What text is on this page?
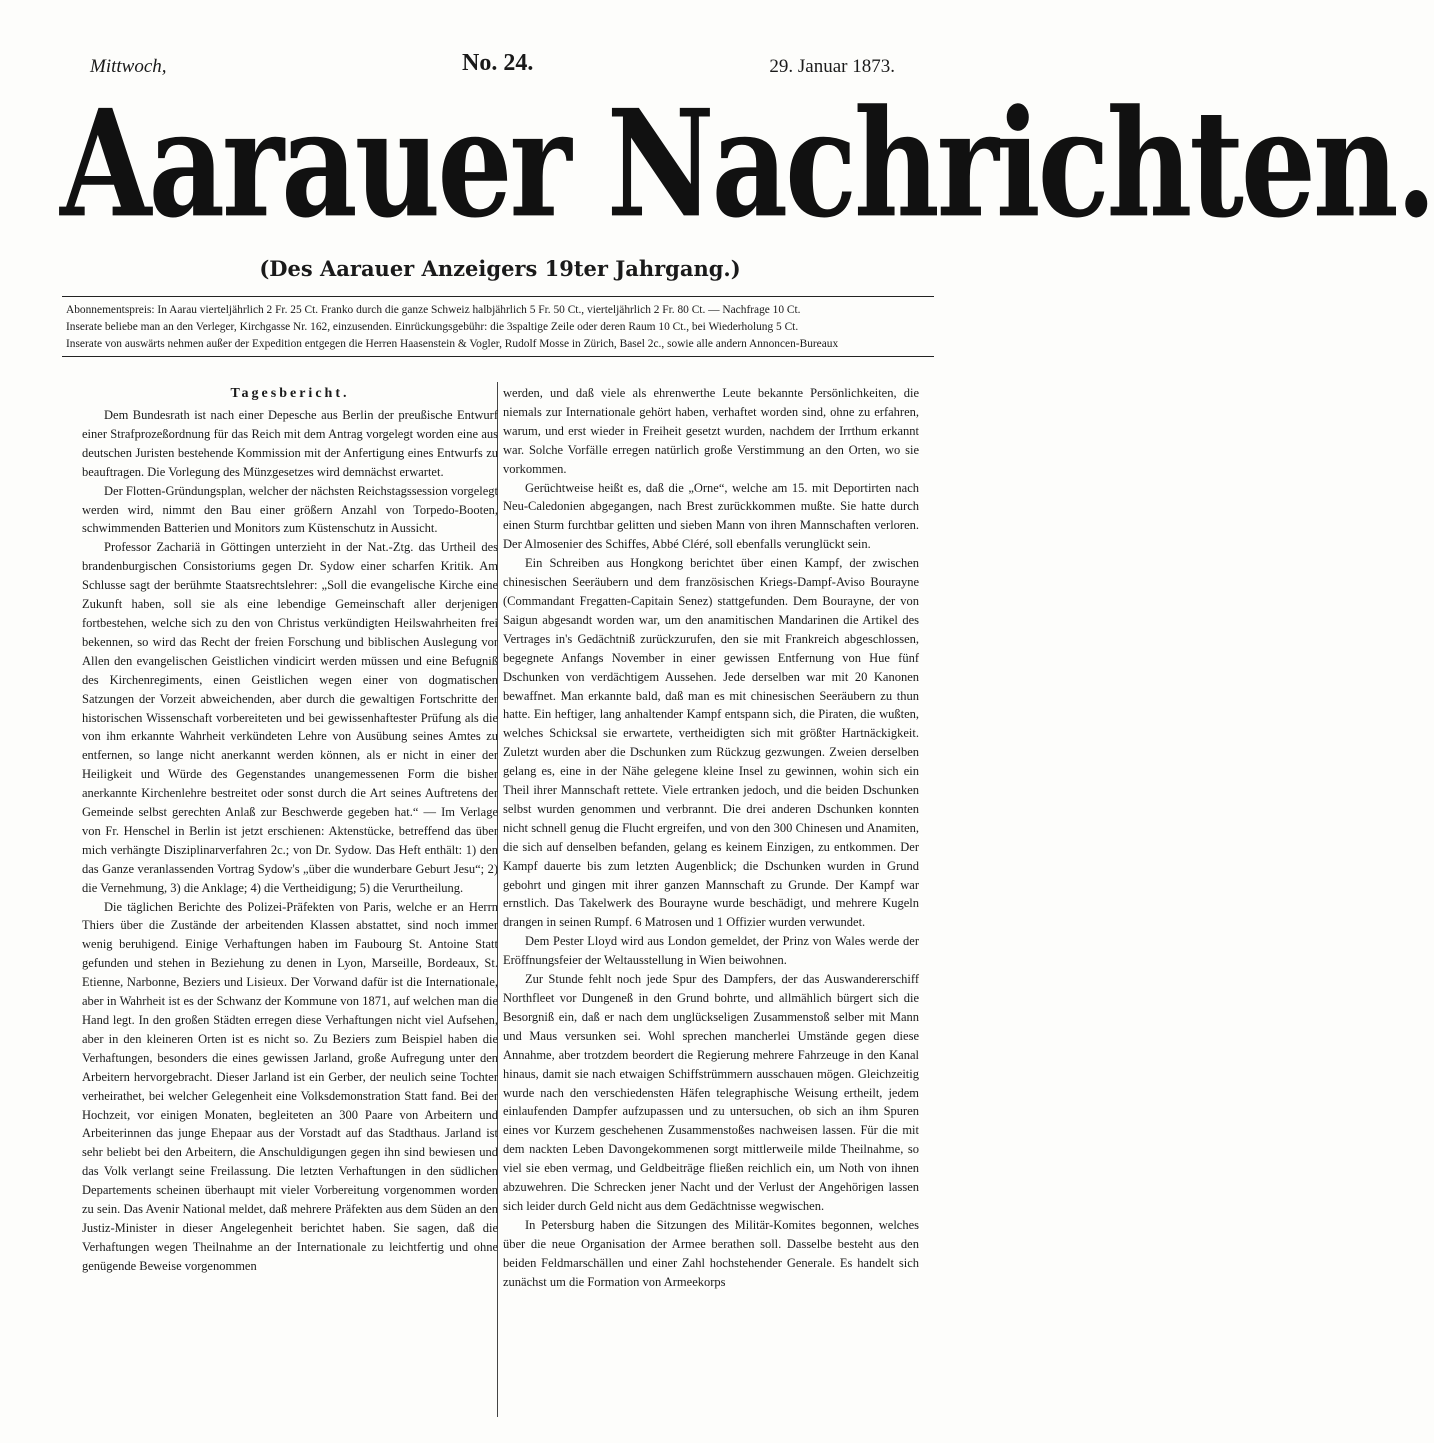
Mittwoch,	No. 24.	29. Januar 1873.
Aarauer Nachrichten.
(Des Aarauer Anzeigers 19ter Jahrgang.)
Abonnementspreis: In Aarau vierteljährlich 2 Fr. 25 Ct. Franko durch die ganze Schweiz halbjährlich 5 Fr. 50 Ct., vierteljährlich 2 Fr. 80 Ct. — Nachfrage 10 Ct.
Inserate beliebe man an den Verleger, Kirchgasse Nr. 162, einzusenden. Einrückungsgebühr: die 3spaltige Zeile oder deren Raum 10 Ct., bei Wiederholung 5 Ct.
Inserate von auswärts nehmen außer der Expedition entgegen die Herren Haasenstein & Vogler, Rudolf Mosse in Zürich, Basel 2c., sowie alle andern Annoncen-Bureaux
Tagesbericht.

Dem Bundesrath ist nach einer Depesche aus Berlin der preußische Entwurf einer Strafprozeßordnung für das Reich mit dem Antrag vorgelegt worden eine aus deutschen Juristen bestehende Kommission mit der Anfertigung eines Entwurfs zu beauftragen. Die Vorlegung des Münzgesetzes wird demnächst erwartet.

Der Flotten-Gründungsplan, welcher der nächsten Reichstagssession vorgelegt werden wird, nimmt den Bau einer größern Anzahl von Torpedo-Booten, schwimmenden Batterien und Monitors zum Küstenschutz in Aussicht.

Professor Zachariä in Göttingen unterzieht in der Nat.-Ztg. das Urtheil des brandenburgischen Consistoriums gegen Dr. Sydow einer scharfen Kritik. Am Schlusse sagt der berühmte Staatsrechtslehrer: „Soll die evangelische Kirche eine Zukunft haben, soll sie als eine lebendige Gemeinschaft aller derjenigen fortbestehen, welche sich zu den von Christus verkündigten Heilswahrheiten frei bekennen, so wird das Recht der freien Forschung und biblischen Auslegung vor Allen den evangelischen Geistlichen vindicirt werden müssen und eine Befugniß des Kirchenregiments, einen Geistlichen wegen einer von dogmatischen Satzungen der Vorzeit abweichenden, aber durch die gewaltigen Fortschritte der historischen Wissenschaft vorbereiteten und bei gewissenhaftester Prüfung als die von ihm erkannte Wahrheit verkündeten Lehre von Ausübung seines Amtes zu entfernen, so lange nicht anerkannt werden können, als er nicht in einer der Heiligkeit und Würde des Gegenstandes unangemessenen Form die bisher anerkannte Kirchenlehre bestreitet oder sonst durch die Art seines Auftretens der Gemeinde selbst gerechten Anlaß zur Beschwerde gegeben hat.“ — Im Verlage von Fr. Henschel in Berlin ist jetzt erschienen: Aktenstücke, betreffend das über mich verhängte Disziplinarverfahren 2c.; von Dr. Sydow. Das Heft enthält: 1) den das Ganze veranlassenden Vortrag Sydow's „über die wunderbare Geburt Jesu“; 2) die Vernehmung, 3) die Anklage; 4) die Vertheidigung; 5) die Verurtheilung.

Die täglichen Berichte des Polizei-Präfekten von Paris, welche er an Herrn Thiers über die Zustände der arbeitenden Klassen abstattet, sind noch immer wenig beruhigend. Einige Verhaftungen haben im Faubourg St. Antoine Statt gefunden und stehen in Beziehung zu denen in Lyon, Marseille, Bordeaux, St. Etienne, Narbonne, Beziers und Lisieux. Der Vorwand dafür ist die Internationale, aber in Wahrheit ist es der Schwanz der Kommune von 1871, auf welchen man die Hand legt. In den großen Städten erregen diese Verhaftungen nicht viel Aufsehen, aber in den kleineren Orten ist es nicht so. Zu Beziers zum Beispiel haben die Verhaftungen, besonders die eines gewissen Jarland, große Aufregung unter den Arbeitern hervorgebracht. Dieser Jarland ist ein Gerber, der neulich seine Tochter verheirathet, bei welcher Gelegenheit eine Volksdemonstration Statt fand. Bei der Hochzeit, vor einigen Monaten, begleiteten an 300 Paare von Arbeitern und Arbeiterinnen das junge Ehepaar aus der Vorstadt auf das Stadthaus. Jarland ist sehr beliebt bei den Arbeitern, die Anschuldigungen gegen ihn sind bewiesen und das Volk verlangt seine Freilassung. Die letzten Verhaftungen in den südlichen Departements scheinen überhaupt mit vieler Vorbereitung vorgenommen worden zu sein. Das Avenir National meldet, daß mehrere Präfekten aus dem Süden an den Justiz-Minister in dieser Angelegenheit berichtet haben. Sie sagen, daß die Verhaftungen wegen Theilnahme an der Internationale zu leichtfertig und ohne genügende Beweise vorgenommen

werden, und daß viele als ehrenwerthe Leute bekannte Persönlichkeiten, die niemals zur Internationale gehört haben, verhaftet worden sind, ohne zu erfahren, warum, und erst wieder in Freiheit gesetzt wurden, nachdem der Irrthum erkannt war. Solche Vorfälle erregen natürlich große Verstimmung an den Orten, wo sie vorkommen.

Gerüchtweise heißt es, daß die „Orne“, welche am 15. mit Deportirten nach Neu-Caledonien abgegangen, nach Brest zurückkommen mußte. Sie hatte durch einen Sturm furchtbar gelitten und sieben Mann von ihren Mannschaften verloren. Der Almosenier des Schiffes, Abbé Cléré, soll ebenfalls verunglückt sein.

Ein Schreiben aus Hongkong berichtet über einen Kampf, der zwischen chinesischen Seeräubern und dem französischen Kriegs-Dampf-Aviso Bourayne (Commandant Fregatten-Capitain Senez) stattgefunden. Dem Bourayne, der von Saigun abgesandt worden war, um den anamitischen Mandarinen die Artikel des Vertrages in's Gedächtniß zurückzurufen, den sie mit Frankreich abgeschlossen, begegnete Anfangs November in einer gewissen Entfernung von Hue fünf Dschunken von verdächtigem Aussehen. Jede derselben war mit 20 Kanonen bewaffnet. Man erkannte bald, daß man es mit chinesischen Seeräubern zu thun hatte. Ein heftiger, lang anhaltender Kampf entspann sich, die Piraten, die wußten, welches Schicksal sie erwartete, vertheidigten sich mit größter Hartnäckigkeit. Zuletzt wurden aber die Dschunken zum Rückzug gezwungen. Zweien derselben gelang es, eine in der Nähe gelegene kleine Insel zu gewinnen, wohin sich ein Theil ihrer Mannschaft rettete. Viele ertranken jedoch, und die beiden Dschunken selbst wurden genommen und verbrannt. Die drei anderen Dschunken konnten nicht schnell genug die Flucht ergreifen, und von den 300 Chinesen und Anamiten, die sich auf denselben befanden, gelang es keinem Einzigen, zu entkommen. Der Kampf dauerte bis zum letzten Augenblick; die Dschunken wurden in Grund gebohrt und gingen mit ihrer ganzen Mannschaft zu Grunde. Der Kampf war ernstlich. Das Takelwerk des Bourayne wurde beschädigt, und mehrere Kugeln drangen in seinen Rumpf. 6 Matrosen und 1 Offizier wurden verwundet.

Dem Pester Lloyd wird aus London gemeldet, der Prinz von Wales werde der Eröffnungsfeier der Weltausstellung in Wien beiwohnen.

Zur Stunde fehlt noch jede Spur des Dampfers, der das Auswandererschiff Northfleet vor Dungeneß in den Grund bohrte, und allmählich bürgert sich die Besorgniß ein, daß er nach dem unglückseligen Zusammenstoß selber mit Mann und Maus versunken sei. Wohl sprechen mancherlei Umstände gegen diese Annahme, aber trotzdem beordert die Regierung mehrere Fahrzeuge in den Kanal hinaus, damit sie nach etwaigen Schiffstrümmern ausschauen mögen. Gleichzeitig wurde nach den verschiedensten Häfen telegraphische Weisung ertheilt, jedem einlaufenden Dampfer aufzupassen und zu untersuchen, ob sich an ihm Spuren eines vor Kurzem geschehenen Zusammenstoßes nachweisen lassen. Für die mit dem nackten Leben Davongekommenen sorgt mittlerweile milde Theilnahme, so viel sie eben vermag, und Geldbeiträge fließen reichlich ein, um Noth von ihnen abzuwehren. Die Schrecken jener Nacht und der Verlust der Angehörigen lassen sich leider durch Geld nicht aus dem Gedächtnisse wegwischen.

In Petersburg haben die Sitzungen des Militär-Komites begonnen, welches über die neue Organisation der Armee berathen soll. Dasselbe besteht aus den beiden Feldmarschällen und einer Zahl hochstehender Generale. Es handelt sich zunächst um die Formation von Armeekorps
